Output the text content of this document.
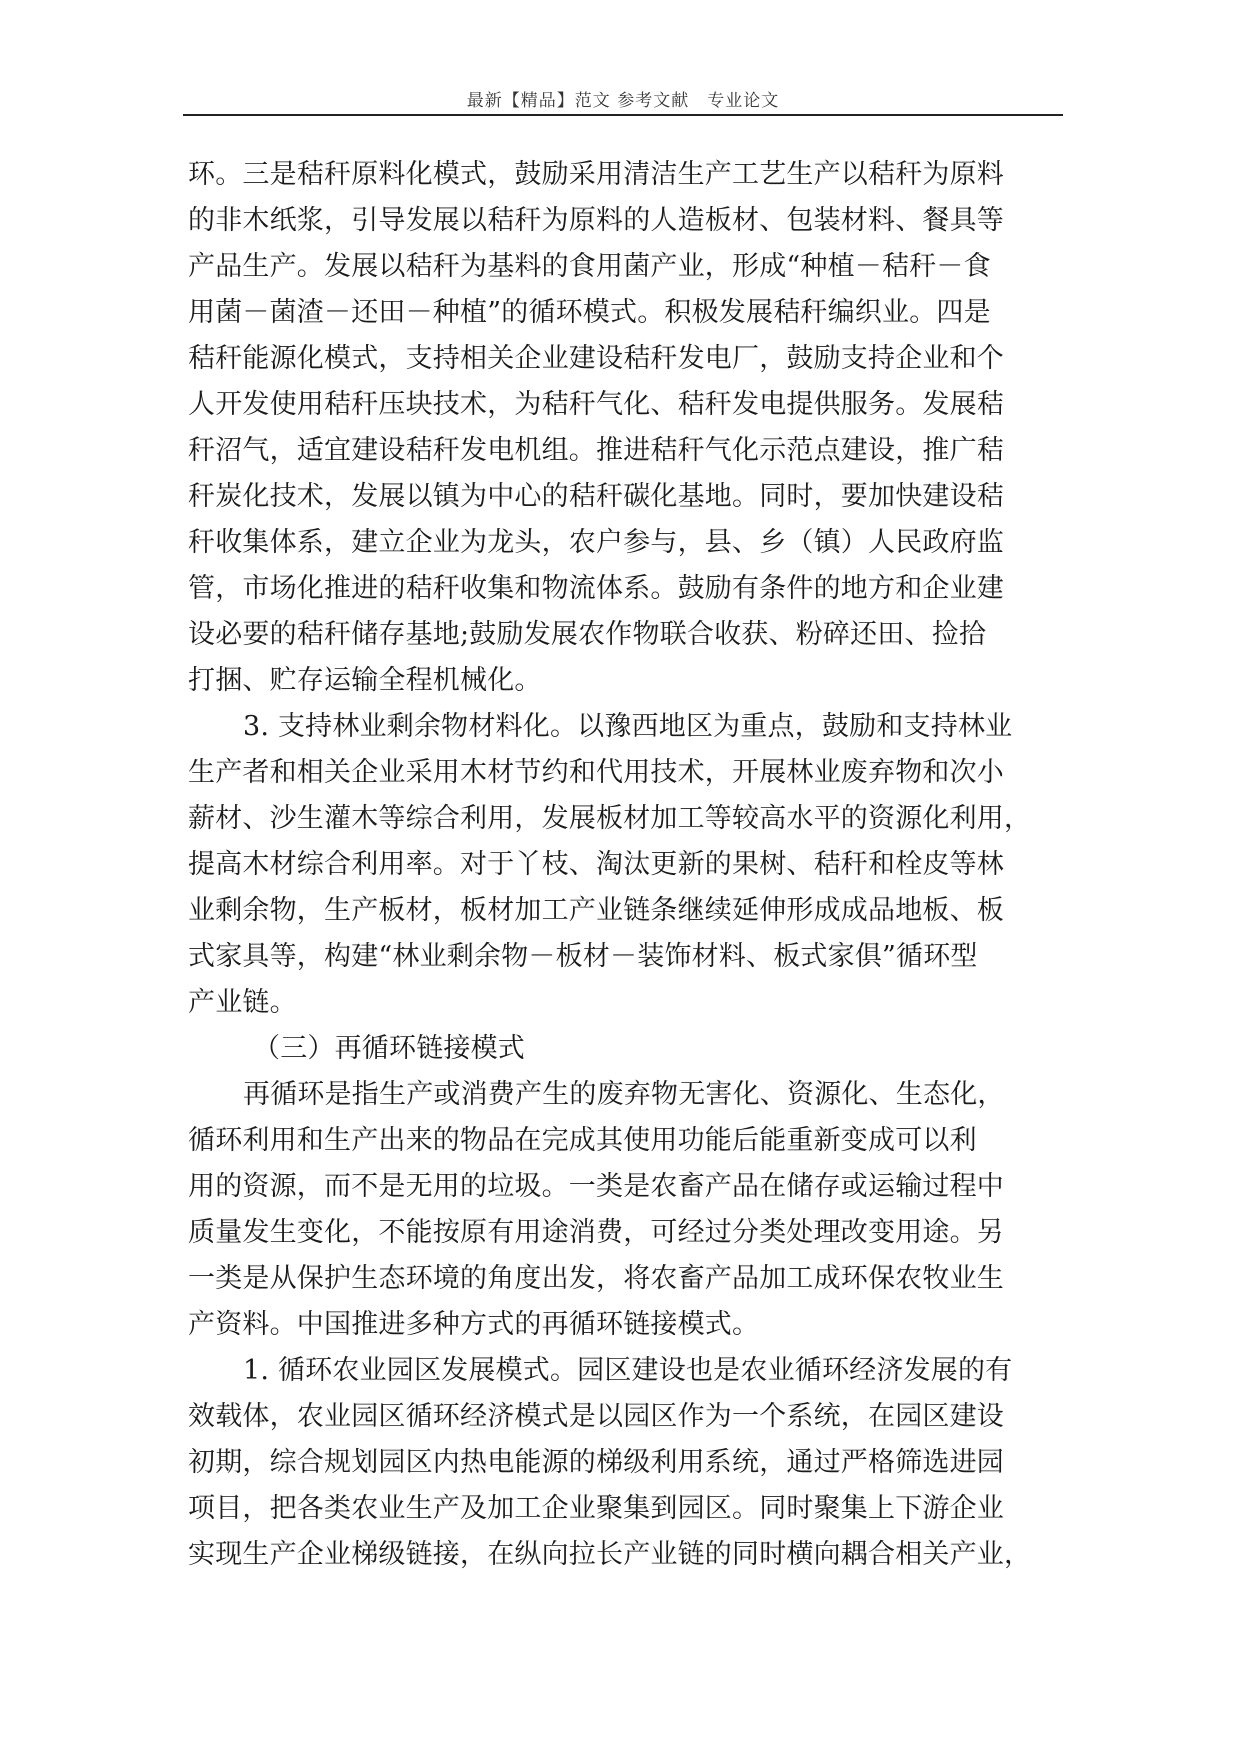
最新【精品】范文 参考文献　专业论文
环。三是秸秆原料化模式，鼓励采用清洁生产工艺生产以秸秆为原料
的非木纸浆，引导发展以秸秆为原料的人造板材、包装材料、餐具等
产品生产。发展以秸秆为基料的食用菌产业，形成“种植－秸秆－食
用菌－菌渣－还田－种植”的循环模式。积极发展秸秆编织业。四是
秸秆能源化模式，支持相关企业建设秸秆发电厂，鼓励支持企业和个
人开发使用秸秆压块技术，为秸秆气化、秸秆发电提供服务。发展秸
秆沼气，适宜建设秸秆发电机组。推进秸秆气化示范点建设，推广秸
秆炭化技术，发展以镇为中心的秸秆碳化基地。同时，要加快建设秸
秆收集体系，建立企业为龙头，农户参与，县、乡（镇）人民政府监
管，市场化推进的秸秆收集和物流体系。鼓励有条件的地方和企业建
设必要的秸秆储存基地;鼓励发展农作物联合收获、粉碎还田、捡拾
打捆、贮存运输全程机械化。
3. 支持林业剩余物材料化。以豫西地区为重点，鼓励和支持林业
生产者和相关企业采用木材节约和代用技术，开展林业废弃物和次小
薪材、沙生灌木等综合利用，发展板材加工等较高水平的资源化利用，
提高木材综合利用率。对于丫枝、淘汰更新的果树、秸秆和栓皮等林
业剩余物，生产板材，板材加工产业链条继续延伸形成成品地板、板
式家具等，构建“林业剩余物－板材－装饰材料、板式家俱”循环型
产业链。
（三）再循环链接模式
再循环是指生产或消费产生的废弃物无害化、资源化、生态化，
循环利用和生产出来的物品在完成其使用功能后能重新变成可以利
用的资源，而不是无用的垃圾。一类是农畜产品在储存或运输过程中
质量发生变化，不能按原有用途消费，可经过分类处理改变用途。另
一类是从保护生态环境的角度出发，将农畜产品加工成环保农牧业生
产资料。中国推进多种方式的再循环链接模式。
1. 循环农业园区发展模式。园区建设也是农业循环经济发展的有
效载体，农业园区循环经济模式是以园区作为一个系统，在园区建设
初期，综合规划园区内热电能源的梯级利用系统，通过严格筛选进园
项目，把各类农业生产及加工企业聚集到园区。同时聚集上下游企业
实现生产企业梯级链接，在纵向拉长产业链的同时横向耦合相关产业，
